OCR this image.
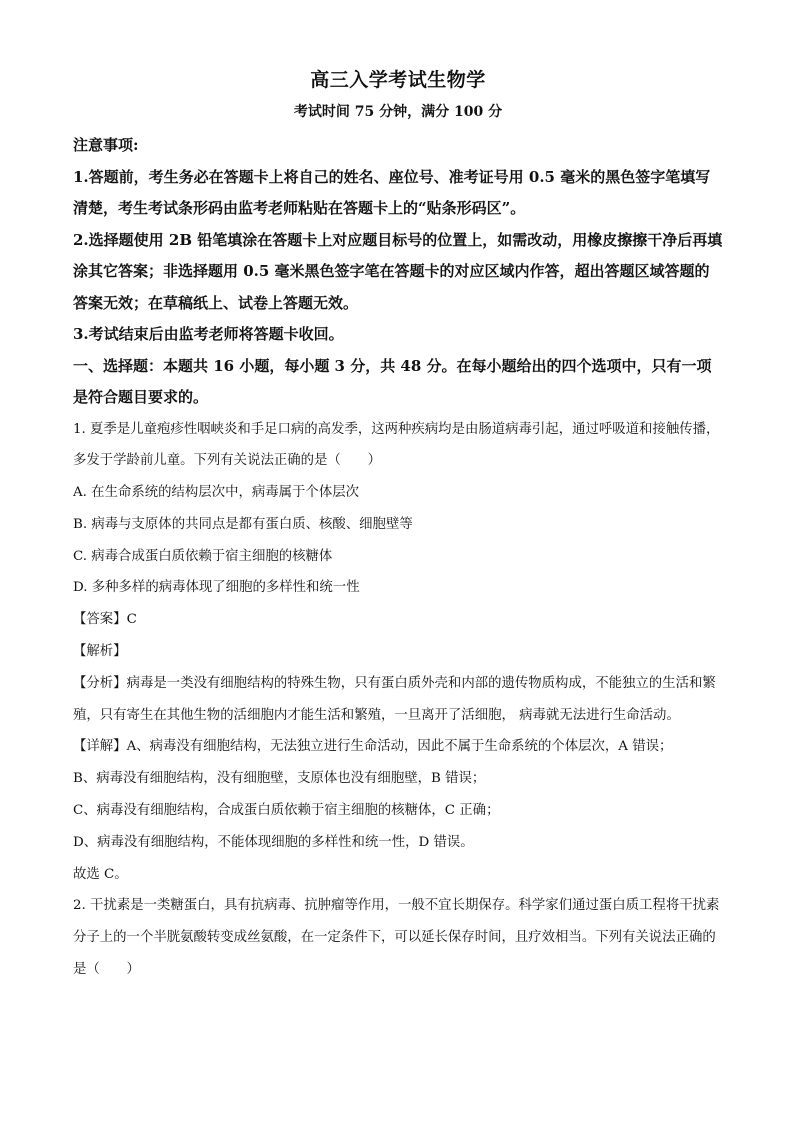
高三入学考试生物学

考试时间 75 分钟，满分 100 分

注意事项:

1.答题前，考生务必在答题卡上将自己的姓名、座位号、准考证号用 0.5 毫米的黑色签字笔填写清楚，考生考试条形码由监考老师粘贴在答题卡上的“贴条形码区”。

2.选择题使用 2B 铅笔填涂在答题卡上对应题目标号的位置上，如需改动，用橡皮擦擦干净后再填涂其它答案；非选择题用 0.5 毫米黑色签字笔在答题卡的对应区域内作答，超出答题区域答题的答案无效；在草稿纸上、试卷上答题无效。

3.考试结束后由监考老师将答题卡收回。

一、选择题：本题共 16 小题，每小题 3 分，共 48 分。在每小题给出的四个选项中，只有一项是符合题目要求的。

1. 夏季是儿童疱疹性咽峡炎和手足口病的高发季，这两种疾病均是由肠道病毒引起，通过呼吸道和接触传播，多发于学龄前儿童。下列有关说法正确的是（　　）

A. 在生命系统的结构层次中，病毒属于个体层次

B. 病毒与支原体的共同点是都有蛋白质、核酸、细胞壁等

C. 病毒合成蛋白质依赖于宿主细胞的核糖体

D. 多种多样的病毒体现了细胞的多样性和统一性

【答案】C

【解析】

【分析】病毒是一类没有细胞结构的特殊生物，只有蛋白质外壳和内部的遗传物质构成，不能独立的生活和繁殖，只有寄生在其他生物的活细胞内才能生活和繁殖，一旦离开了活细胞， 病毒就无法进行生命活动。

【详解】A、病毒没有细胞结构，无法独立进行生命活动，因此不属于生命系统的个体层次，A 错误；

B、病毒没有细胞结构，没有细胞壁，支原体也没有细胞壁，B 错误；

C、病毒没有细胞结构，合成蛋白质依赖于宿主细胞的核糖体，C 正确；

D、病毒没有细胞结构，不能体现细胞的多样性和统一性，D 错误。

故选 C。

2. 干扰素是一类糖蛋白，具有抗病毒、抗肿瘤等作用，一般不宜长期保存。科学家们通过蛋白质工程将干扰素分子上的一个半胱氨酸转变成丝氨酸，在一定条件下，可以延长保存时间，且疗效相当。下列有关说法正确的是（　　）
